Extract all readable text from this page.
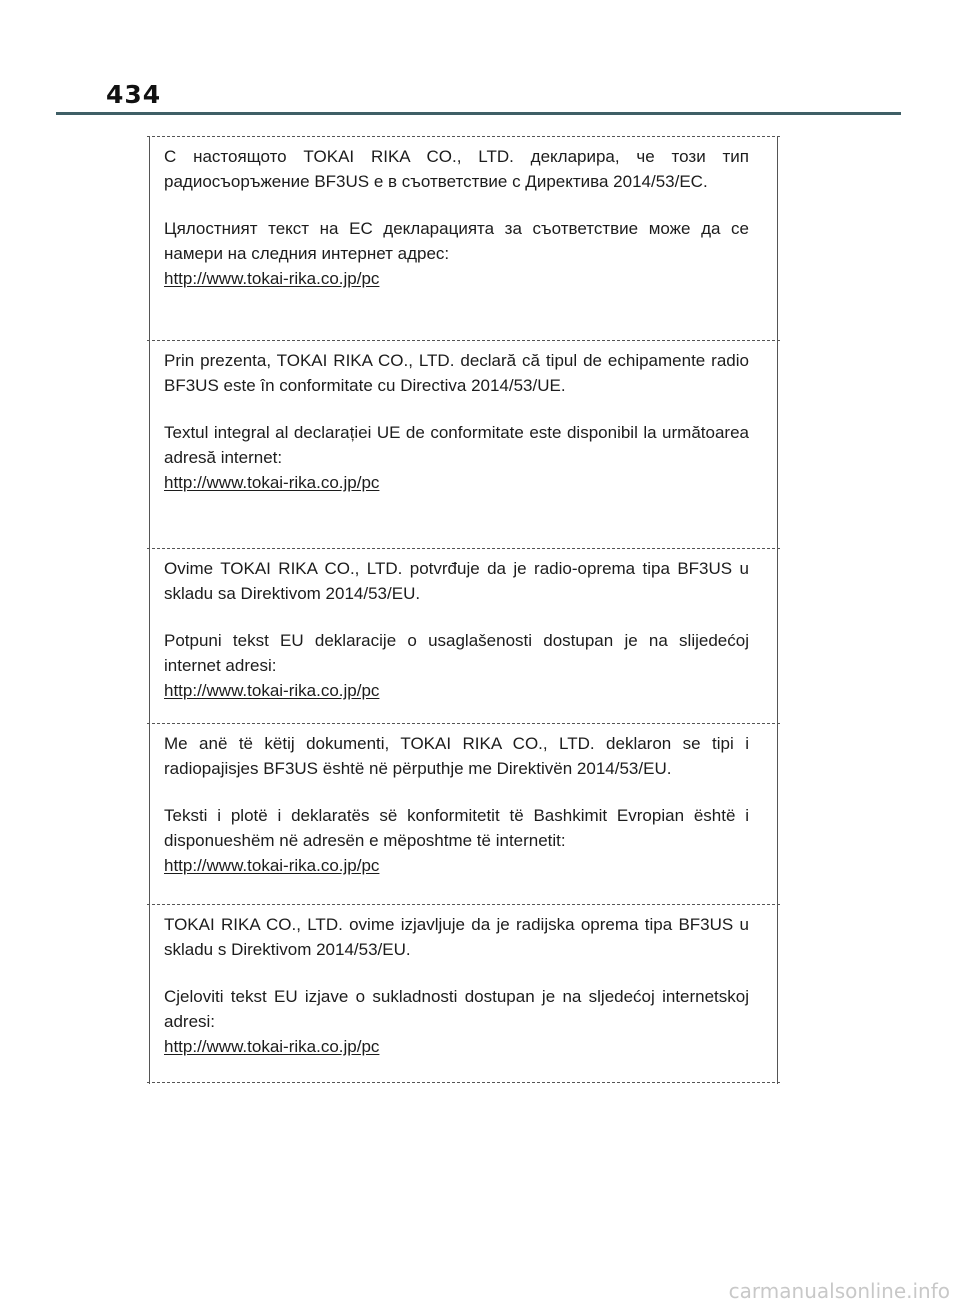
434

С настоящото TOKAI RIKA CO., LTD. декларира, че този тип радиосъоръжение BF3US е в съответствие с Директива 2014/53/ЕС.

Цялостният текст на ЕС декларацията за съответствие може да се намери на следния интернет адрес:

http://www.tokai-rika.co.jp/pc

Prin prezenta, TOKAI RIKA CO., LTD. declară că tipul de echipamente radio BF3US este în conformitate cu Directiva 2014/53/UE.

Textul integral al declarației UE de conformitate este disponibil la următoarea adresă internet:

http://www.tokai-rika.co.jp/pc

Ovime TOKAI RIKA CO., LTD. potvrđuje da je radio-oprema tipa BF3US u skladu sa Direktivom 2014/53/EU.

Potpuni tekst EU deklaracije o usaglašenosti dostupan je na slijedećoj internet adresi:

http://www.tokai-rika.co.jp/pc

Me anë të këtij dokumenti, TOKAI RIKA CO., LTD. deklaron se tipi i radiopajisjes BF3US është në përputhje me Direktivën 2014/53/EU.

Teksti i plotë i deklaratës së konformitetit të Bashkimit Evropian është i disponueshëm në adresën e mëposhtme të internetit:

http://www.tokai-rika.co.jp/pc

TOKAI RIKA CO., LTD. ovime izjavljuje da je radijska oprema tipa BF3US u skladu s Direktivom 2014/53/EU.

Cjeloviti tekst EU izjave o sukladnosti dostupan je na sljedećoj internetskoj adresi:

http://www.tokai-rika.co.jp/pc
carmanualsonline.info
